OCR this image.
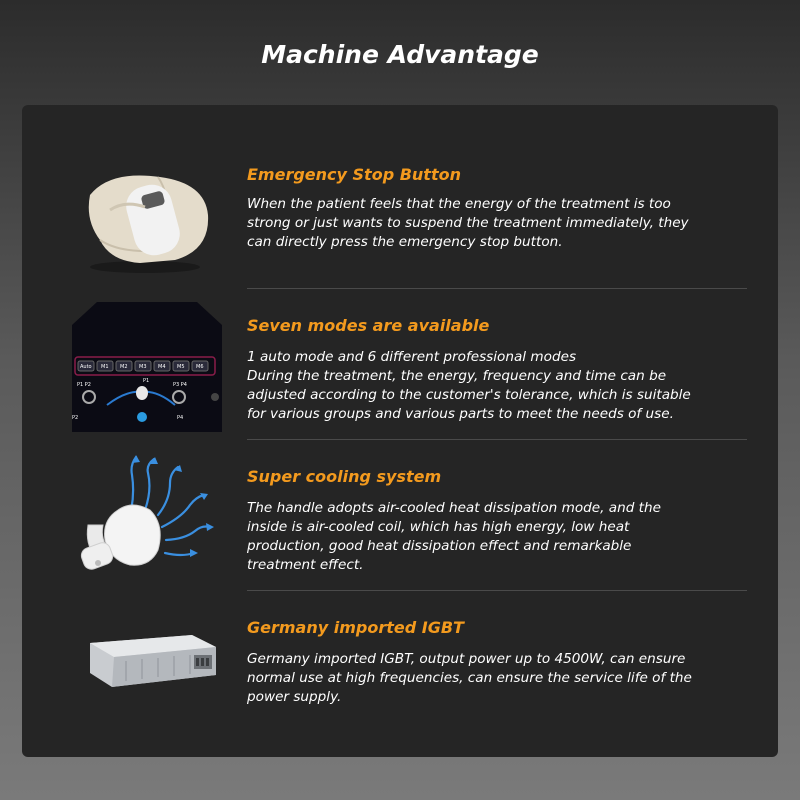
Machine Advantage
Emergency Stop Button
When the patient feels that the energy of the treatment is too
strong or just wants to suspend the treatment immediately, they
can directly press the emergency stop button.
Auto M1 M2 M3 M4 M5 M6
P1 P2
P1
P3 P4
P2	P4
Seven modes are available
1 auto mode and 6 different professional modes
During the treatment, the energy, frequency and time can be
adjusted according to the customer's tolerance, which is suitable
for various groups and various parts to meet the needs of use.
Super cooling system
The handle adopts air-cooled heat dissipation mode, and the
inside is air-cooled coil, which has high energy, low heat
production, good heat dissipation effect and remarkable
treatment effect.
Germany imported IGBT
Germany imported IGBT, output power up to 4500W, can ensure
normal use at high frequencies, can ensure the service life of the
power supply.
